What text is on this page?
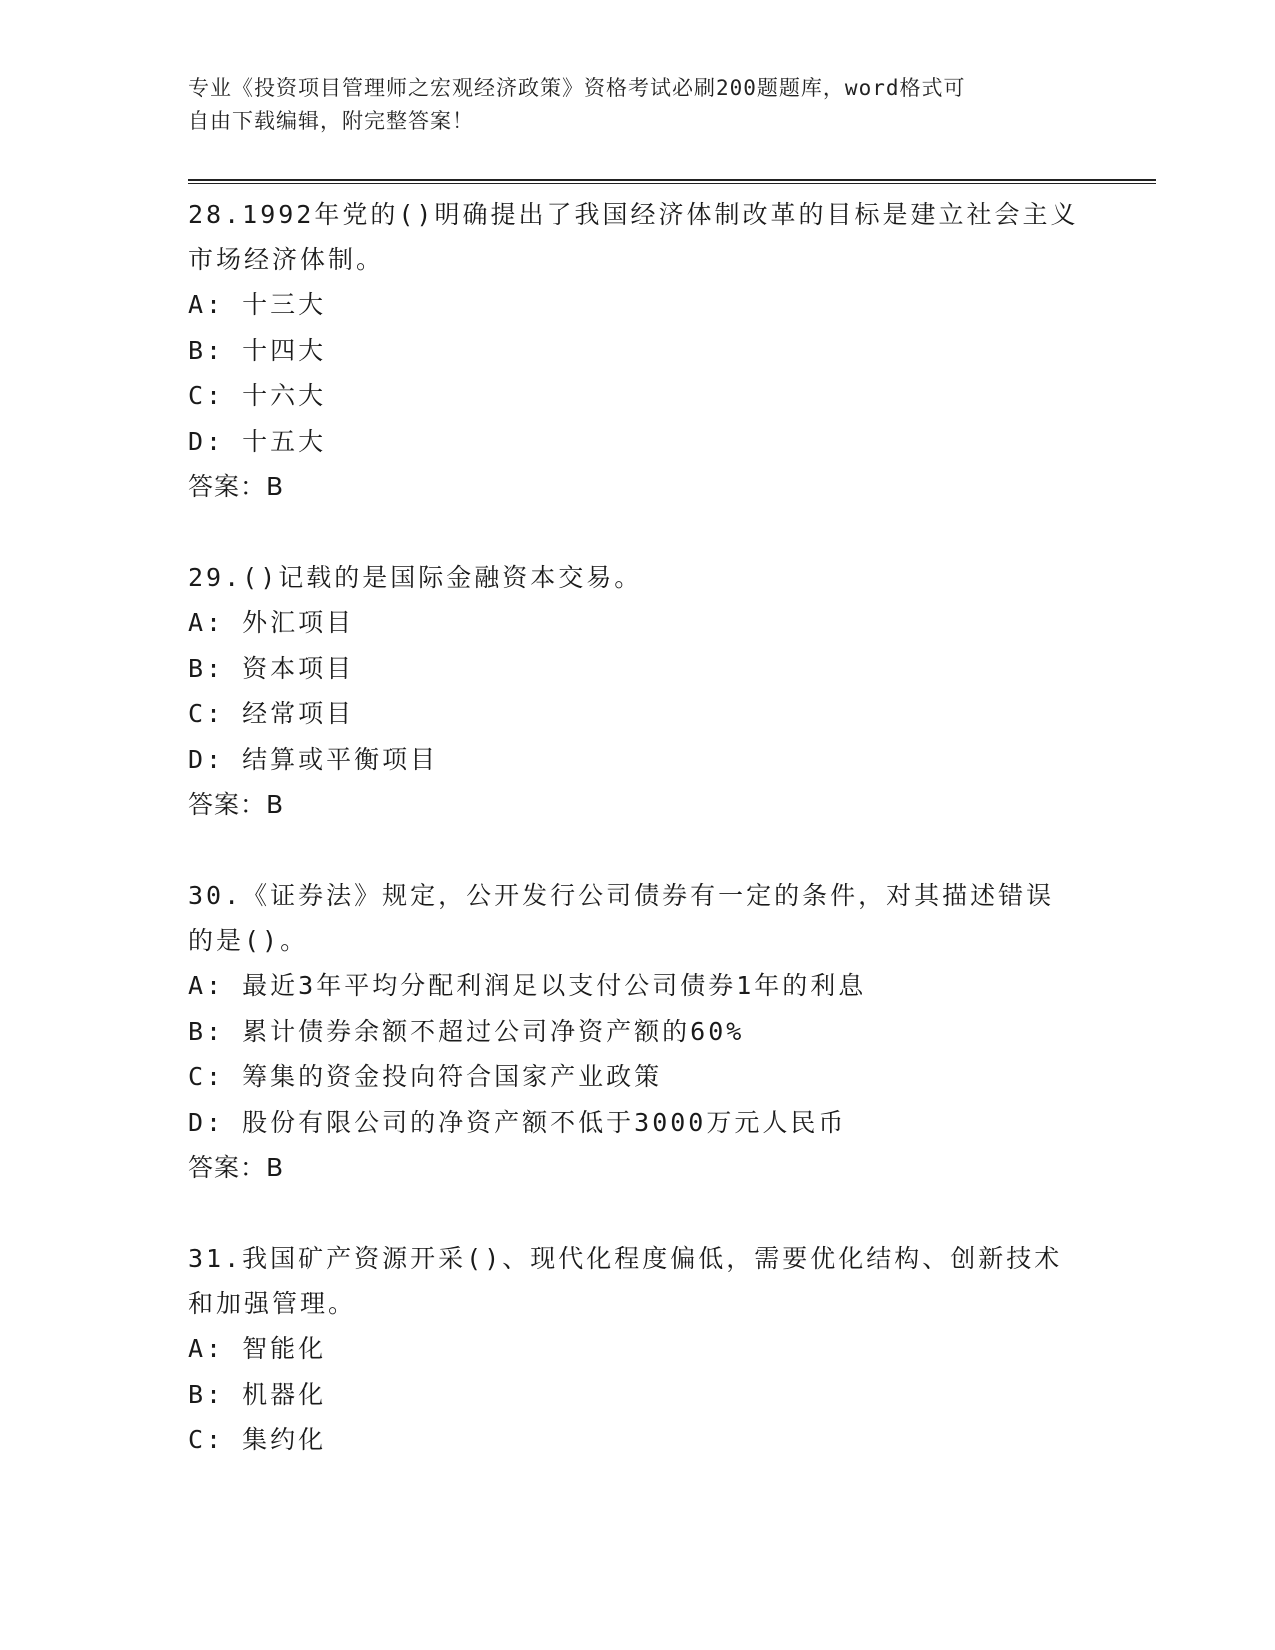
专业《投资项目管理师之宏观经济政策》资格考试必刷200题题库，word格式可
自由下载编辑，附完整答案！

28.1992年党的()明确提出了我国经济体制改革的目标是建立社会主义

市场经济体制。

A: 十三大

B: 十四大

C: 十六大

D: 十五大

答案：B

29.()记载的是国际金融资本交易。

A: 外汇项目

B: 资本项目

C: 经常项目

D: 结算或平衡项目

答案：B

30.《证券法》规定，公开发行公司债券有一定的条件，对其描述错误

的是()。

A: 最近3年平均分配利润足以支付公司债券1年的利息

B: 累计债券余额不超过公司净资产额的60%

C: 筹集的资金投向符合国家产业政策

D: 股份有限公司的净资产额不低于3000万元人民币

答案：B

31.我国矿产资源开采()、现代化程度偏低，需要优化结构、创新技术

和加强管理。

A: 智能化

B: 机器化

C: 集约化
